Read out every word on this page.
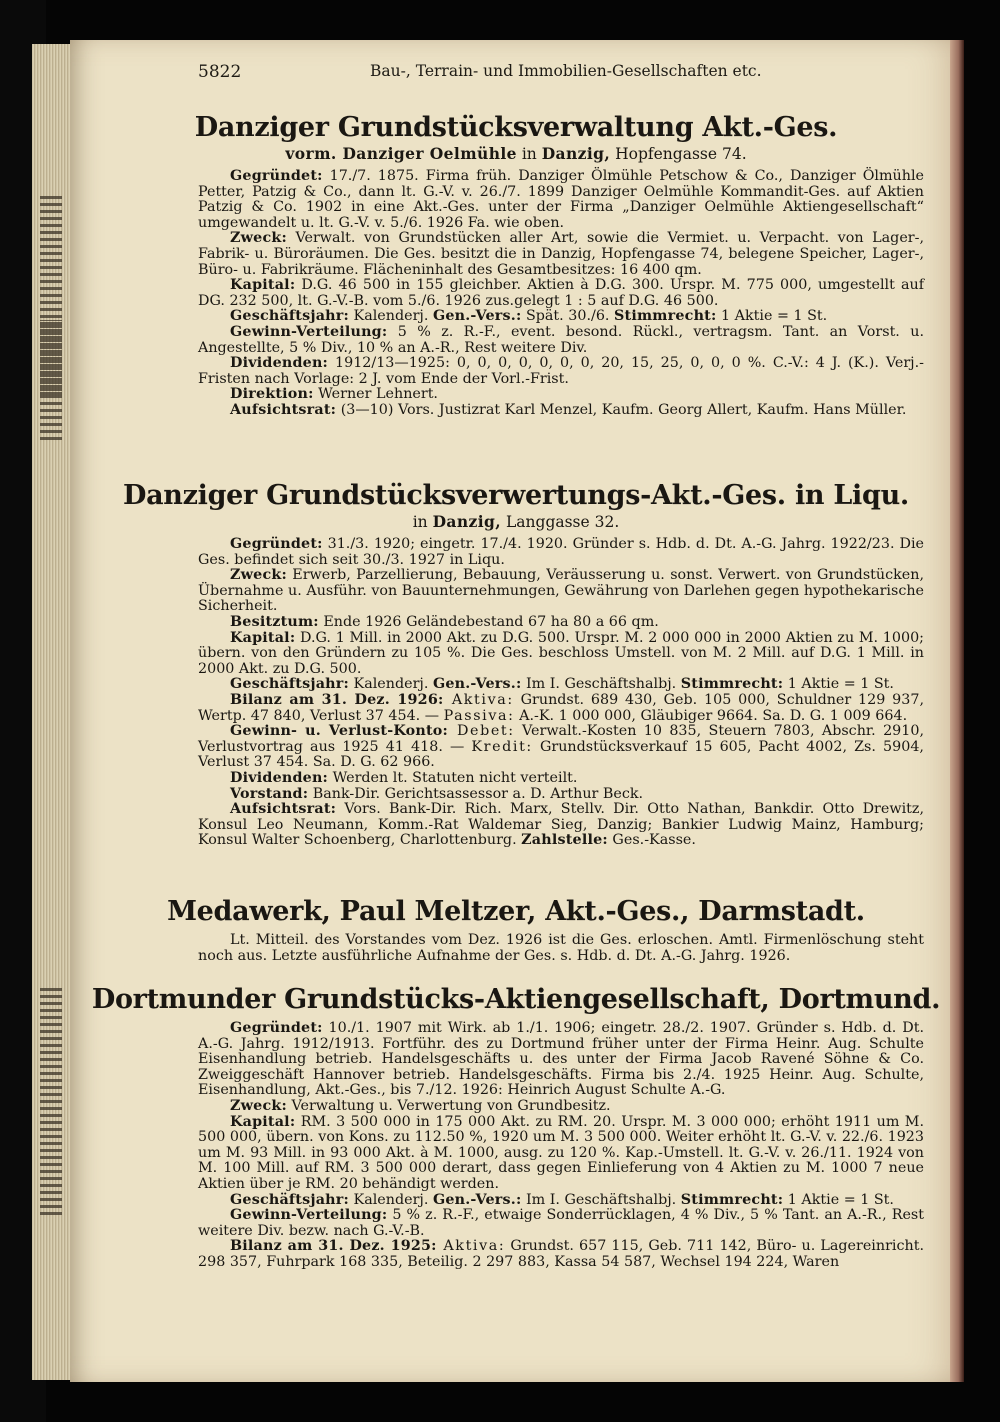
5822	Bau-, Terrain- und Immobilien-Gesellschaften etc.
Danziger Grundstücksverwaltung Akt.-Ges.
vorm. Danziger Oelmühle in Danzig, Hopfengasse 74.

Gegründet: 17./7. 1875. Firma früh. Danziger Ölmühle Petschow & Co., Danziger Ölmühle Petter, Patzig & Co., dann lt. G.-V. v. 26./7. 1899 Danziger Oelmühle Kommandit-Ges. auf Aktien Patzig & Co. 1902 in eine Akt.-Ges. unter der Firma „Danziger Oelmühle Aktiengesellschaft“ umgewandelt u. lt. G.-V. v. 5./6. 1926 Fa. wie oben.

Zweck: Verwalt. von Grundstücken aller Art, sowie die Vermiet. u. Verpacht. von Lager-, Fabrik- u. Büroräumen. Die Ges. besitzt die in Danzig, Hopfengasse 74, belegene Speicher, Lager-, Büro- u. Fabrikräume. Flächeninhalt des Gesamtbesitzes: 16 400 qm.

Kapital: D.G. 46 500 in 155 gleichber. Aktien à D.G. 300. Urspr. M. 775 000, umgestellt auf DG. 232 500, lt. G.-V.-B. vom 5./6. 1926 zus.gelegt 1 : 5 auf D.G. 46 500.

Geschäftsjahr: Kalenderj. Gen.-Vers.: Spät. 30./6. Stimmrecht: 1 Aktie = 1 St.

Gewinn-Verteilung: 5 % z. R.-F., event. besond. Rückl., vertragsm. Tant. an Vorst. u. Angestellte, 5 % Div., 10 % an A.-R., Rest weitere Div.

Dividenden: 1912/13—1925: 0, 0, 0, 0, 0, 0, 0, 20, 15, 25, 0, 0, 0 %. C.-V.: 4 J. (K.). Verj.-Fristen nach Vorlage: 2 J. vom Ende der Vorl.-Frist.

Direktion: Werner Lehnert.

Aufsichtsrat: (3—10) Vors. Justizrat Karl Menzel, Kaufm. Georg Allert, Kaufm. Hans Müller.

Danziger Grundstücksverwertungs-Akt.-Ges. in Liqu.
in Danzig, Langgasse 32.

Gegründet: 31./3. 1920; eingetr. 17./4. 1920. Gründer s. Hdb. d. Dt. A.-G. Jahrg. 1922/23. Die Ges. befindet sich seit 30./3. 1927 in Liqu.

Zweck: Erwerb, Parzellierung, Bebauung, Veräusserung u. sonst. Verwert. von Grundstücken, Übernahme u. Ausführ. von Bauunternehmungen, Gewährung von Darlehen gegen hypothekarische Sicherheit.

Besitztum: Ende 1926 Geländebestand 67 ha 80 a 66 qm.

Kapital: D.G. 1 Mill. in 2000 Akt. zu D.G. 500. Urspr. M. 2 000 000 in 2000 Aktien zu M. 1000; übern. von den Gründern zu 105 %. Die Ges. beschloss Umstell. von M. 2 Mill. auf D.G. 1 Mill. in 2000 Akt. zu D.G. 500.

Geschäftsjahr: Kalenderj. Gen.-Vers.: Im I. Geschäftshalbj. Stimmrecht: 1 Aktie = 1 St.

Bilanz am 31. Dez. 1926: Aktiva: Grundst. 689 430, Geb. 105 000, Schuldner 129 937, Wertp. 47 840, Verlust 37 454. — Passiva: A.-K. 1 000 000, Gläubiger 9664. Sa. D. G. 1 009 664.

Gewinn- u. Verlust-Konto: Debet: Verwalt.-Kosten 10 835, Steuern 7803, Abschr. 2910, Verlustvortrag aus 1925 41 418. — Kredit: Grundstücksverkauf 15 605, Pacht 4002, Zs. 5904, Verlust 37 454. Sa. D. G. 62 966.

Dividenden: Werden lt. Statuten nicht verteilt.

Vorstand: Bank-Dir. Gerichtsassessor a. D. Arthur Beck.

Aufsichtsrat: Vors. Bank-Dir. Rich. Marx, Stellv. Dir. Otto Nathan, Bankdir. Otto Drewitz, Konsul Leo Neumann, Komm.-Rat Waldemar Sieg, Danzig; Bankier Ludwig Mainz, Hamburg; Konsul Walter Schoenberg, Charlottenburg. Zahlstelle: Ges.-Kasse.

Medawerk, Paul Meltzer, Akt.-Ges., Darmstadt.

Lt. Mitteil. des Vorstandes vom Dez. 1926 ist die Ges. erloschen. Amtl. Firmenlöschung steht noch aus. Letzte ausführliche Aufnahme der Ges. s. Hdb. d. Dt. A.-G. Jahrg. 1926.

Dortmunder Grundstücks-Aktiengesellschaft, Dortmund.

Gegründet: 10./1. 1907 mit Wirk. ab 1./1. 1906; eingetr. 28./2. 1907. Gründer s. Hdb. d. Dt. A.-G. Jahrg. 1912/1913. Fortführ. des zu Dortmund früher unter der Firma Heinr. Aug. Schulte Eisenhandlung betrieb. Handelsgeschäfts u. des unter der Firma Jacob Ravené Söhne & Co. Zweiggeschäft Hannover betrieb. Handelsgeschäfts. Firma bis 2./4. 1925 Heinr. Aug. Schulte, Eisenhandlung, Akt.-Ges., bis 7./12. 1926: Heinrich August Schulte A.-G.

Zweck: Verwaltung u. Verwertung von Grundbesitz.

Kapital: RM. 3 500 000 in 175 000 Akt. zu RM. 20. Urspr. M. 3 000 000; erhöht 1911 um M. 500 000, übern. von Kons. zu 112.50 %, 1920 um M. 3 500 000. Weiter erhöht lt. G.-V. v. 22./6. 1923 um M. 93 Mill. in 93 000 Akt. à M. 1000, ausg. zu 120 %. Kap.-Umstell. lt. G.-V. v. 26./11. 1924 von M. 100 Mill. auf RM. 3 500 000 derart, dass gegen Einlieferung von 4 Aktien zu M. 1000 7 neue Aktien über je RM. 20 behändigt werden.

Geschäftsjahr: Kalenderj. Gen.-Vers.: Im I. Geschäftshalbj. Stimmrecht: 1 Aktie = 1 St.

Gewinn-Verteilung: 5 % z. R.-F., etwaige Sonderrücklagen, 4 % Div., 5 % Tant. an A.-R., Rest weitere Div. bezw. nach G.-V.-B.

Bilanz am 31. Dez. 1925: Aktiva: Grundst. 657 115, Geb. 711 142, Büro- u. Lagereinricht. 298 357, Fuhrpark 168 335, Beteilig. 2 297 883, Kassa 54 587, Wechsel 194 224, Waren
